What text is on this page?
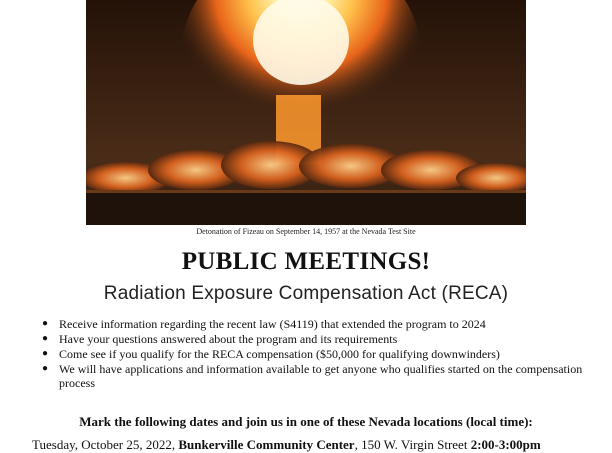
Detonation of Fizeau on September 14, 1957 at the Nevada Test Site
PUBLIC MEETINGS!
Radiation Exposure Compensation Act (RECA)
● Receive information regarding the recent law (S4119) that extended the program to 2024
● Have your questions answered about the program and its requirements
● Come see if you qualify for the RECA compensation ($50,000 for qualifying downwinders)
● We will have applications and information available to get anyone who qualifies started on the compensation process
Mark the following dates and join us in one of these Nevada locations (local time):
Tuesday, October 25, 2022, Bunkerville Community Center, 150 W. Virgin Street 2:00-3:00pm
